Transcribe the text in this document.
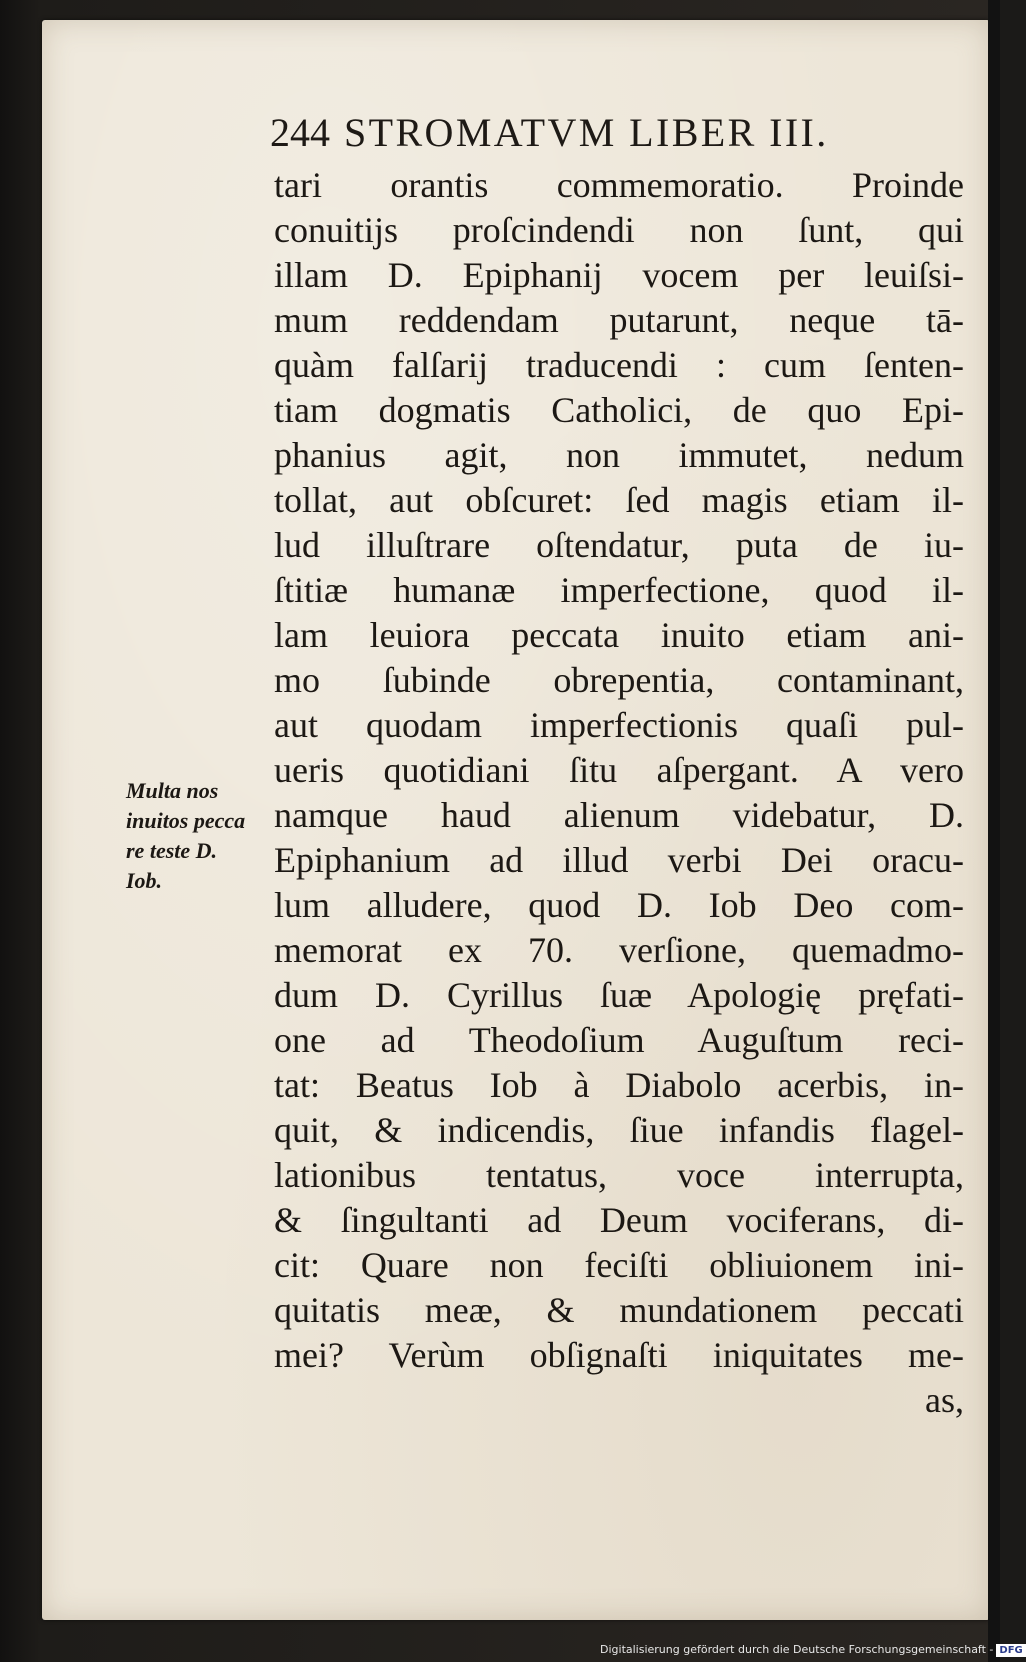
244 STROMATVM LIBER III.
Multa nos
inuitos pecca
re teste D.
Iob.
tari orantis commemoratio. Proinde
conuitijs proſcindendi non ſunt, qui
illam D. Epiphanij vocem per leuiſsi-
mum reddendam putarunt, neque tā-
quàm falſarij traducendi : cum ſenten-
tiam dogmatis Catholici, de quo Epi-
phanius agit, non immutet, nedum
tollat, aut obſcuret: ſed magis etiam il-
lud illuſtrare oſtendatur, puta de iu-
ſtitiæ humanæ imperfectione, quod il-
lam leuiora peccata inuito etiam ani-
mo ſubinde obrepentia, contaminant,
aut quodam imperfectionis quaſi pul-
ueris quotidiani ſitu aſpergant. A vero
namque haud alienum videbatur, D.
Epiphanium ad illud verbi Dei oracu-
lum alludere, quod D. Iob Deo com-
memorat ex 70. verſione, quemadmo-
dum D. Cyrillus ſuæ Apologię pręfati-
one ad Theodoſium Auguſtum reci-
tat: Beatus Iob à Diabolo acerbis, in-
quit, & indicendis, ſiue infandis flagel-
lationibus tentatus, voce interrupta,
& ſingultanti ad Deum vociferans, di-
cit: Quare non feciſti obliuionem ini-
quitatis meæ, & mundationem peccati
mei? Verùm obſignaſti iniquitates me-
as,
Digitalisierung gefördert durch die Deutsche Forschungsgemeinschaft - DFG
